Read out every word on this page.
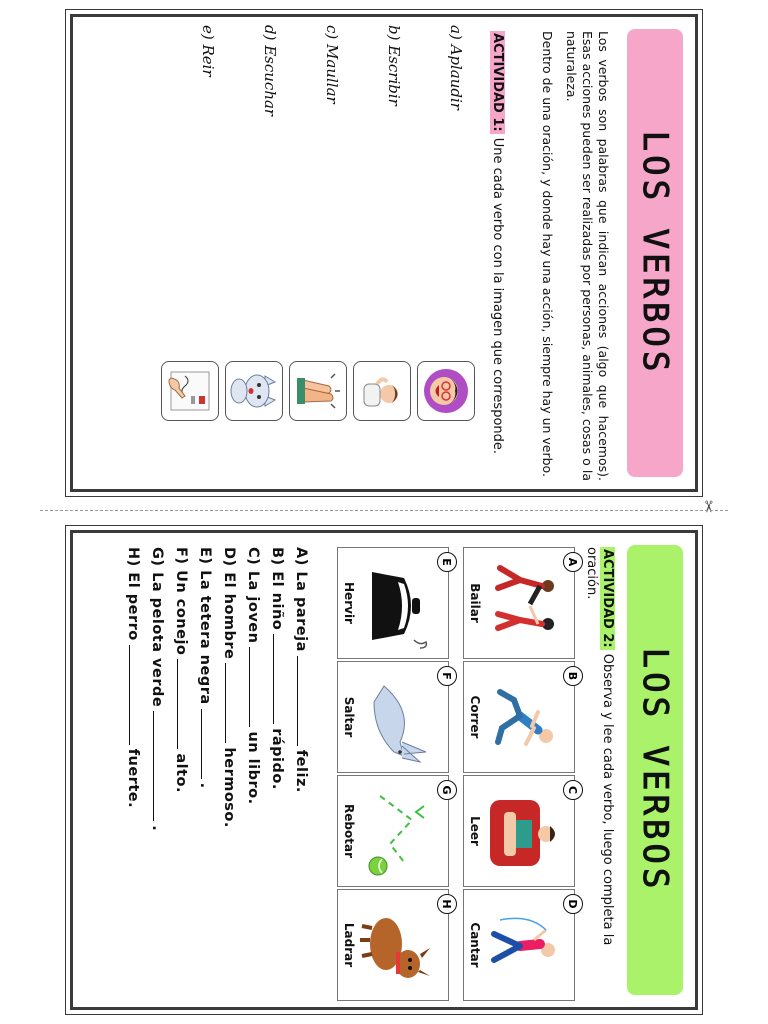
✂
LOS VERBOS
Los verbos son palabras que indican acciones (algo que hacemos). Esas acciones pueden ser realizadas por personas, animales, cosas o la naturaleza.
Dentro de una oración, y donde hay una acción, siempre hay un verbo.
ACTIVIDAD 1: Une cada verbo con la imagen que corresponde.
a) Aplaudir
b) Escribir
c) Maullar
d) Escuchar
e) Reir
LOS VERBOS
ACTIVIDAD 2: Observa y lee cada verbo, luego completa la oración.
A
Bailar
B
Correr
C
Leer
D
Cantar
E
Hervir
F
Saltar
G
Rebotar
H
Ladrar
A) La parejafeliz.
B) El niñorápido.
C) La jovenun libro.
D) El hombrehermoso.
E) La tetera negra.
F) Un conejoalto.
G) La pelota verde.
H) El perrofuerte.
